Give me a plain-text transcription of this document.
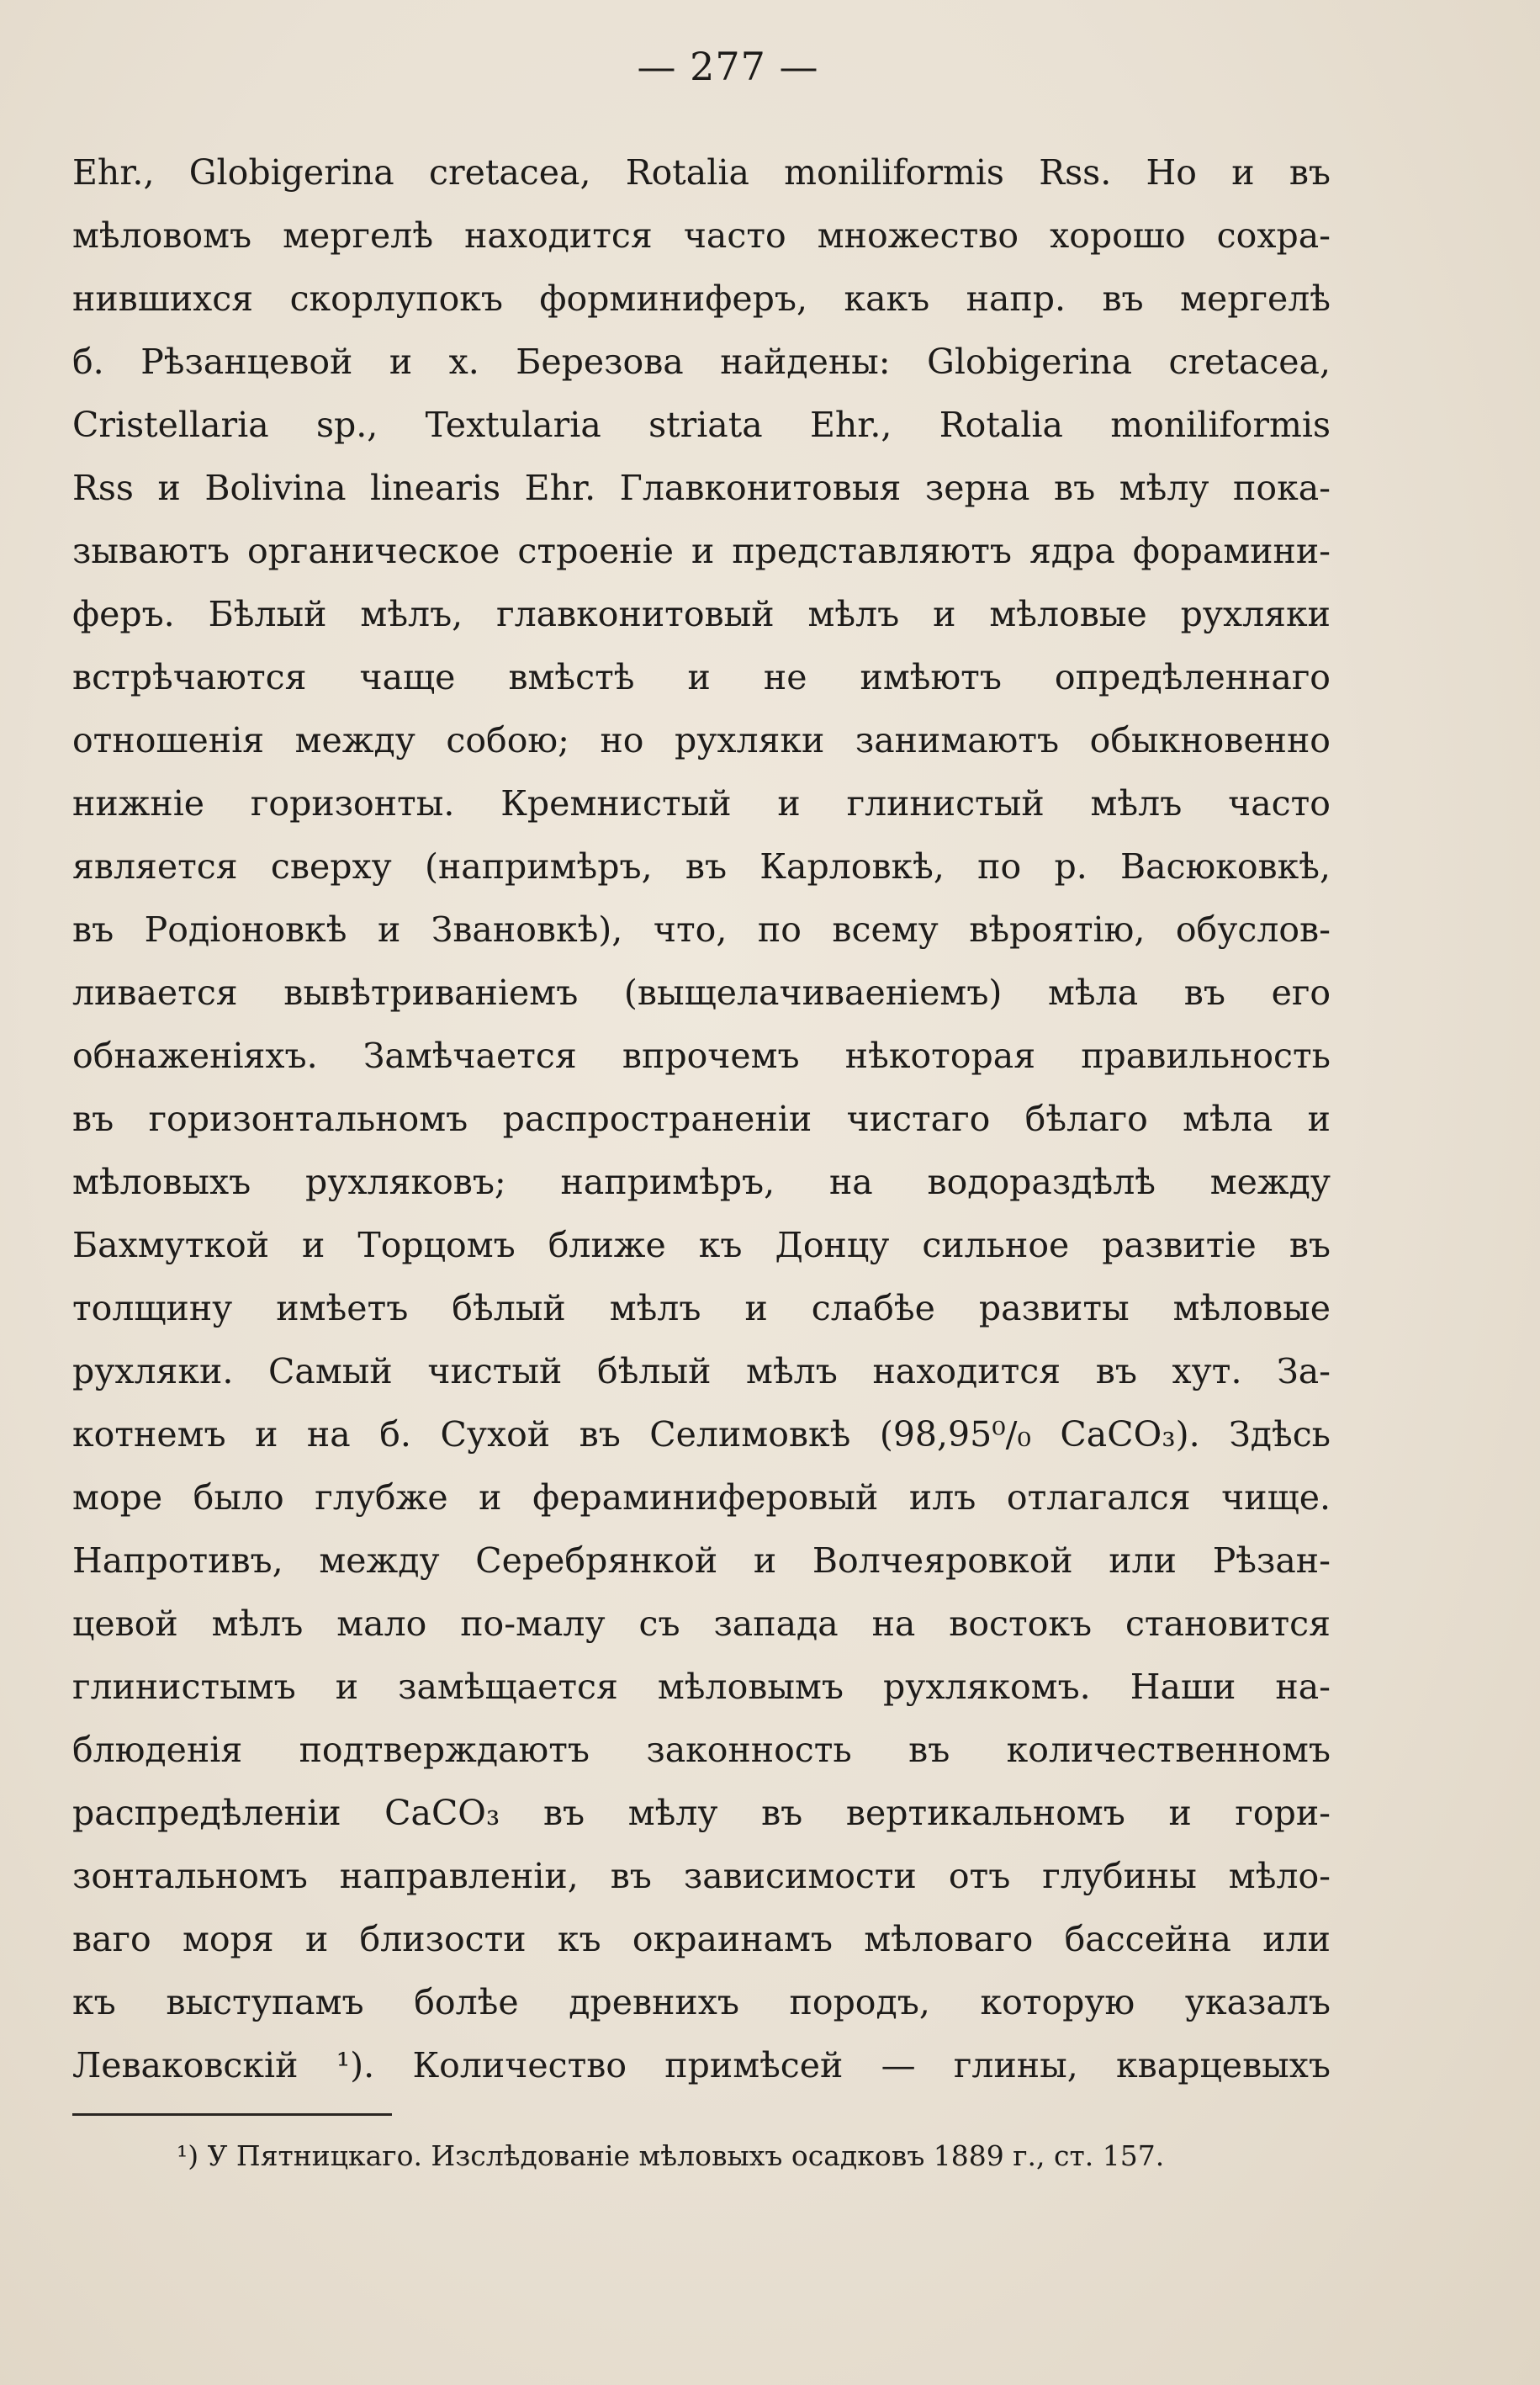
— 277 —
Ehr., Globigerina cretacea, Rotalia moniliformis Rss. Но и въ
мѣловомъ мергелѣ находится часто множество хорошо сохра-
нившихся скорлупокъ форминиферъ, какъ напр. въ мергелѣ
б. Рѣзанцевой и х. Березова найдены: Globigerina cretacea,
Cristellaria sp., Textularia striata Ehr., Rotalia moniliformis
Rss и Bolivina linearis Ehr. Главконитовыя зерна въ мѣлу пока-
зываютъ органическое строеніе и представляютъ ядра форамини-
феръ. Бѣлый мѣлъ, главконитовый мѣлъ и мѣловые рухляки
встрѣчаются чаще вмѣстѣ и не имѣютъ опредѣленнаго
отношенія между собою; но рухляки занимаютъ обыкновенно
нижніе горизонты. Кремнистый и глинистый мѣлъ часто
является сверху (напримѣръ, въ Карловкѣ, по р. Васюковкѣ,
въ Родіоновкѣ и Звановкѣ), что, по всему вѣроятію, обуслов-
ливается вывѣтриваніемъ (выщелачиваеніемъ) мѣла въ его
обнаженіяхъ. Замѣчается впрочемъ нѣкоторая правильность
въ горизонтальномъ распространеніи чистаго бѣлаго мѣла и
мѣловыхъ рухляковъ; напримѣръ, на водораздѣлѣ между
Бахмуткой и Торцомъ ближе къ Донцу сильное развитіе въ
толщину имѣетъ бѣлый мѣлъ и слабѣе развиты мѣловые
рухляки. Самый чистый бѣлый мѣлъ находится въ хут. За-
котнемъ и на б. Сухой въ Селимовкѣ (98,95⁰/₀ CaCO₃). Здѣсь
море было глубже и фераминиферовый илъ отлагался чище.
Напротивъ, между Серебрянкой и Волчеяровкой или Рѣзан-
цевой мѣлъ мало по-малу съ запада на востокъ становится
глинистымъ и замѣщается мѣловымъ рухлякомъ. Наши на-
блюденія подтверждаютъ законность въ количественномъ
распредѣленіи CaCO₃ въ мѣлу въ вертикальномъ и гори-
зонтальномъ направленіи, въ зависимости отъ глубины мѣло-
ваго моря и близости къ окраинамъ мѣловаго бассейна или
къ выступамъ болѣе древнихъ породъ, которую указалъ
Леваковскій ¹). Количество примѣсей — глины, кварцевыхъ
¹) У Пятницкаго. Изслѣдованіе мѣловыхъ осадковъ 1889 г., ст. 157.
